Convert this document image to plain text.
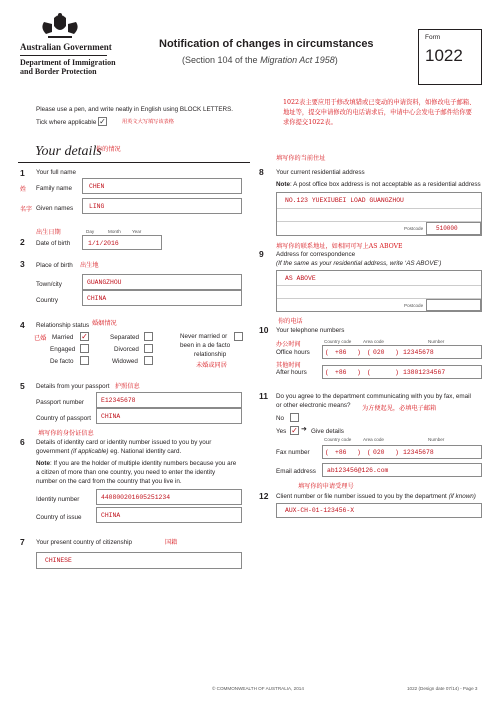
Australian Government
Department of Immigration
and Border Protection
Notification of changes in circumstances
(Section 104 of the Migration Act 1958)
Form
1022
Please use a pen, and write neatly in English using BLOCK LETTERS.
Tick where applicable ✓	用英文大写填写该表格
1022表主要应用于修改填错或已变动的申请资料，如修改电子邮箱、地址等，提交申请修改的电话请求后，申请中心会发电子邮件给你要求你提交1022表。
Your details
你的情况
1 Your full name
姓 Family name	CHEN
名字 Given names LING
出生日期	Day	Month Year
2 Date of birth	1/1/2016
3 Place of birth 出生地
Town/city	GUANGZHOU
Country	CHINA
4 Relationship status 婚姻情况
已婚 Married ✓
Engaged
De facto
Separated
Divorced
Widowed
Never married or
been in a de facto
relationship
未婚或同居
5 Details from your passport 护照信息
Passport number	E12345678
Country of passport CHINA
填写你的身份证信息
6 Details of identity card or identity number issued to you by your
government (if applicable) eg. National identity card.
Note: If you are the holder of multiple identity numbers because you are
a citizen of more than one country, you need to enter the identity
number on the card from the country that you live in.
Identity number	440800201605251234
Country of issue	CHINA
7 Your present country of citizenship	国籍
CHINESE
填写你的当前住址
8 Your current residential address
Note: A post office box address is not acceptable as a residential address
NO.123 YUEXIUBEI LOAD GUANGZHOU
Postcode 510000
填写你的联系地址，如相同可写上AS ABOVE
9 Address for correspondence
(If the same as your residential address, write ‘AS ABOVE’)
AS ABOVE
Postcode
你的电话
10 Your telephone numbers
Country code	Area code	Number
办公时间
Office hours ( +86 ) ( 020 ) 12345678
其他时间
After hours	( +86 ) (	) 13801234567
11 Do you agree to the department communicating with you by fax, email
or other electronic means? 为方便起见，必填电子邮箱
No
Yes ✓ ➜ Give details
Country code	Area code	Number
Fax number ( +86 ) ( 020 ) 12345678
Email address ab123456@126.com
填写你的申请受理号
12 Client number or file number issued to you by the department (if known)
AUX-CH-01-123456-X
© COMMONWEALTH OF AUSTRALIA, 2014	1022 (Design date 07/14) - Page 3
